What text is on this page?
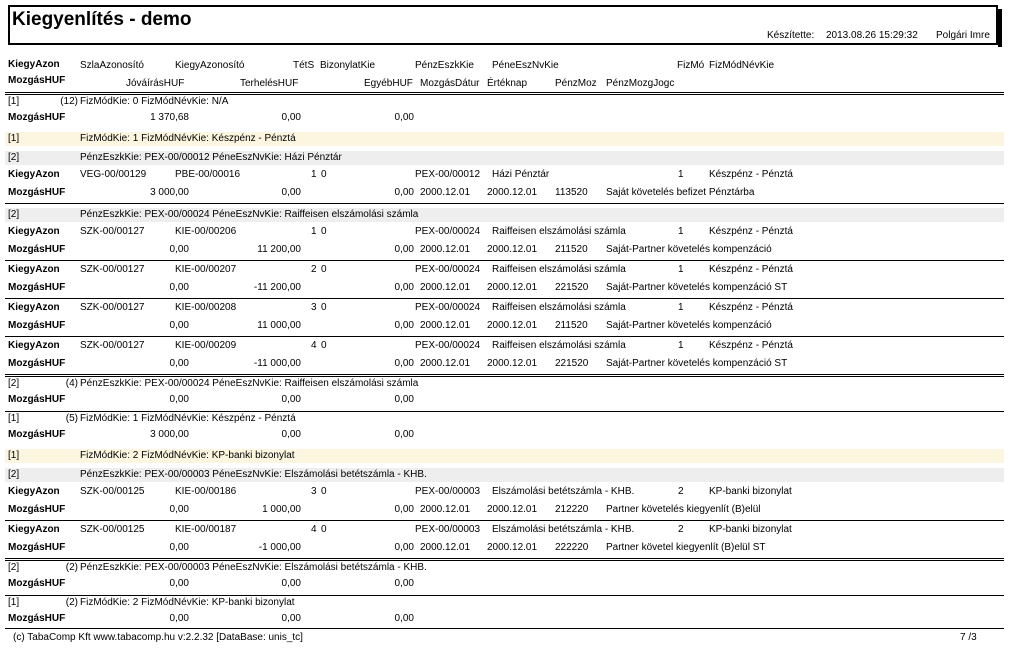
Kiegyenlítés - demo
Készítette: 2013.08.26 15:29:32 Polgári Imre
KiegyAzon SzlaAzonosító	KiegyAzonosító	TétS BizonylatKie	PénzEszkKie PéneEszNvKie	FizMó FizMódNévKie
MozgásHUF	JóváírásHUF	TerhelésHUF	EgyébHUF MozgásDátur Értéknap	PénzMoz PénzMozgJogc
[1]	(12) FizMódKie: 0 FizMódNévKie: N/A
MozgásHUF	1 370,68	0,00	0,00
[1]	FizMódKie: 1 FizMódNévKie: Készpénz - Pénztá
[2]	PénzEszkKie: PEX-00/00012 PéneEszNvKie: Házi Pénztár
KiegyAzon VEG-00/00129	PBE-00/00016	1 0	PEX-00/00012 Házi Pénztár	1	Készpénz - Pénztá
MozgásHUF	3 000,00	0,00	0,00 2000.12.01 2000.12.01 113520 Saját követelés befizet Pénztárba
[2]	PénzEszkKie: PEX-00/00024 PéneEszNvKie: Raiffeisen elszámolási számla
KiegyAzon SZK-00/00127	KIE-00/00206	1 0	PEX-00/00024 Raiffeisen elszámolási számla	1	Készpénz - Pénztá
MozgásHUF	0,00	11 200,00	0,00 2000.12.01 2000.12.01 211520 Saját-Partner követelés kompenzáció
KiegyAzon SZK-00/00127	KIE-00/00207	2 0	PEX-00/00024 Raiffeisen elszámolási számla	1	Készpénz - Pénztá
MozgásHUF	0,00	-11 200,00	0,00 2000.12.01 2000.12.01 221520 Saját-Partner követelés kompenzáció ST
KiegyAzon SZK-00/00127	KIE-00/00208	3 0	PEX-00/00024 Raiffeisen elszámolási számla	1	Készpénz - Pénztá
MozgásHUF	0,00	11 000,00	0,00 2000.12.01 2000.12.01 211520 Saját-Partner követelés kompenzáció
KiegyAzon SZK-00/00127	KIE-00/00209	4 0	PEX-00/00024 Raiffeisen elszámolási számla	1	Készpénz - Pénztá
MozgásHUF	0,00	-11 000,00	0,00 2000.12.01 2000.12.01 221520 Saját-Partner követelés kompenzáció ST
[2]	(4) PénzEszkKie: PEX-00/00024 PéneEszNvKie: Raiffeisen elszámolási számla
MozgásHUF	0,00	0,00	0,00
[1]	(5) FizMódKie: 1 FizMódNévKie: Készpénz - Pénztá
MozgásHUF	3 000,00	0,00	0,00
[1]	FizMódKie: 2 FizMódNévKie: KP-banki bizonylat
[2]	PénzEszkKie: PEX-00/00003 PéneEszNvKie: Elszámolási betétszámla - KHB.
KiegyAzon SZK-00/00125	KIE-00/00186	3 0	PEX-00/00003 Elszámolási betétszámla - KHB.	2	KP-banki bizonylat
MozgásHUF	0,00	1 000,00	0,00 2000.12.01 2000.12.01 212220 Partner követelés kiegyenlít (B)elül
KiegyAzon SZK-00/00125	KIE-00/00187	4 0	PEX-00/00003 Elszámolási betétszámla - KHB.	2	KP-banki bizonylat
MozgásHUF	0,00	-1 000,00	0,00 2000.12.01 2000.12.01 222220 Partner követel kiegyenlít (B)elül ST
[2]	(2) PénzEszkKie: PEX-00/00003 PéneEszNvKie: Elszámolási betétszámla - KHB.
MozgásHUF	0,00	0,00	0,00
[1]	(2) FizMódKie: 2 FizMódNévKie: KP-banki bizonylat
MozgásHUF	0,00	0,00	0,00
(c) TabaComp Kft www.tabacomp.hu v:2.2.32 [DataBase: unis_tc]	7 /3
